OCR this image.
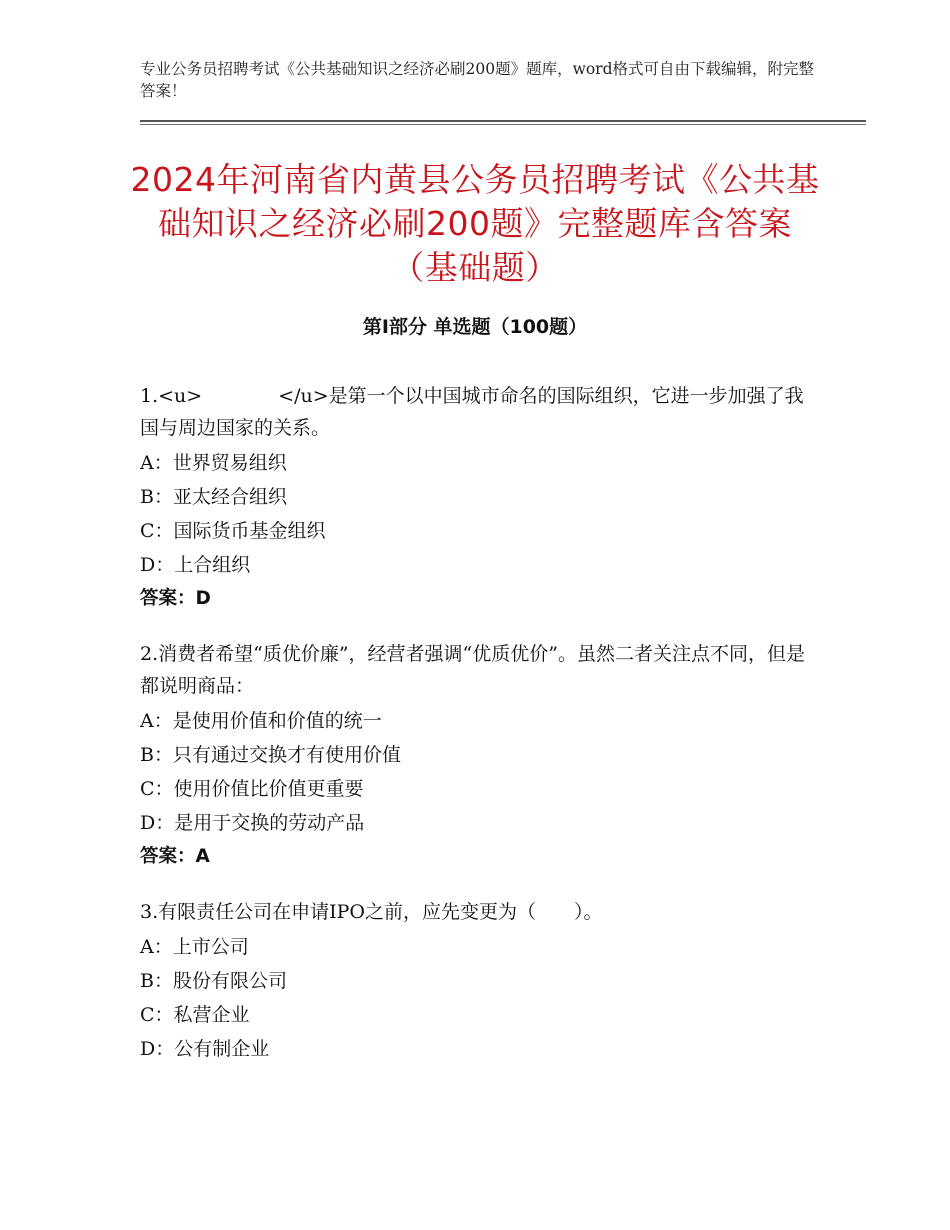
专业公务员招聘考试《公共基础知识之经济必刷200题》题库，word格式可自由下载编辑，附完整答案！
2024年河南省内黄县公务员招聘考试《公共基础知识之经济必刷200题》完整题库含答案（基础题）
第Ⅰ部分 单选题（100题）

1.<u>　　　　</u>是第一个以中国城市命名的国际组织，它进一步加强了我国与周边国家的关系。

A：世界贸易组织

B：亚太经合组织

C：国际货币基金组织

D：上合组织

答案：D

2.消费者希望“质优价廉”，经营者强调“优质优价”。虽然二者关注点不同，但是都说明商品：

A：是使用价值和价值的统一

B：只有通过交换才有使用价值

C：使用价值比价值更重要

D：是用于交换的劳动产品

答案：A

3.有限责任公司在申请IPO之前，应先变更为（　　）。

A：上市公司

B：股份有限公司

C：私营企业

D：公有制企业
